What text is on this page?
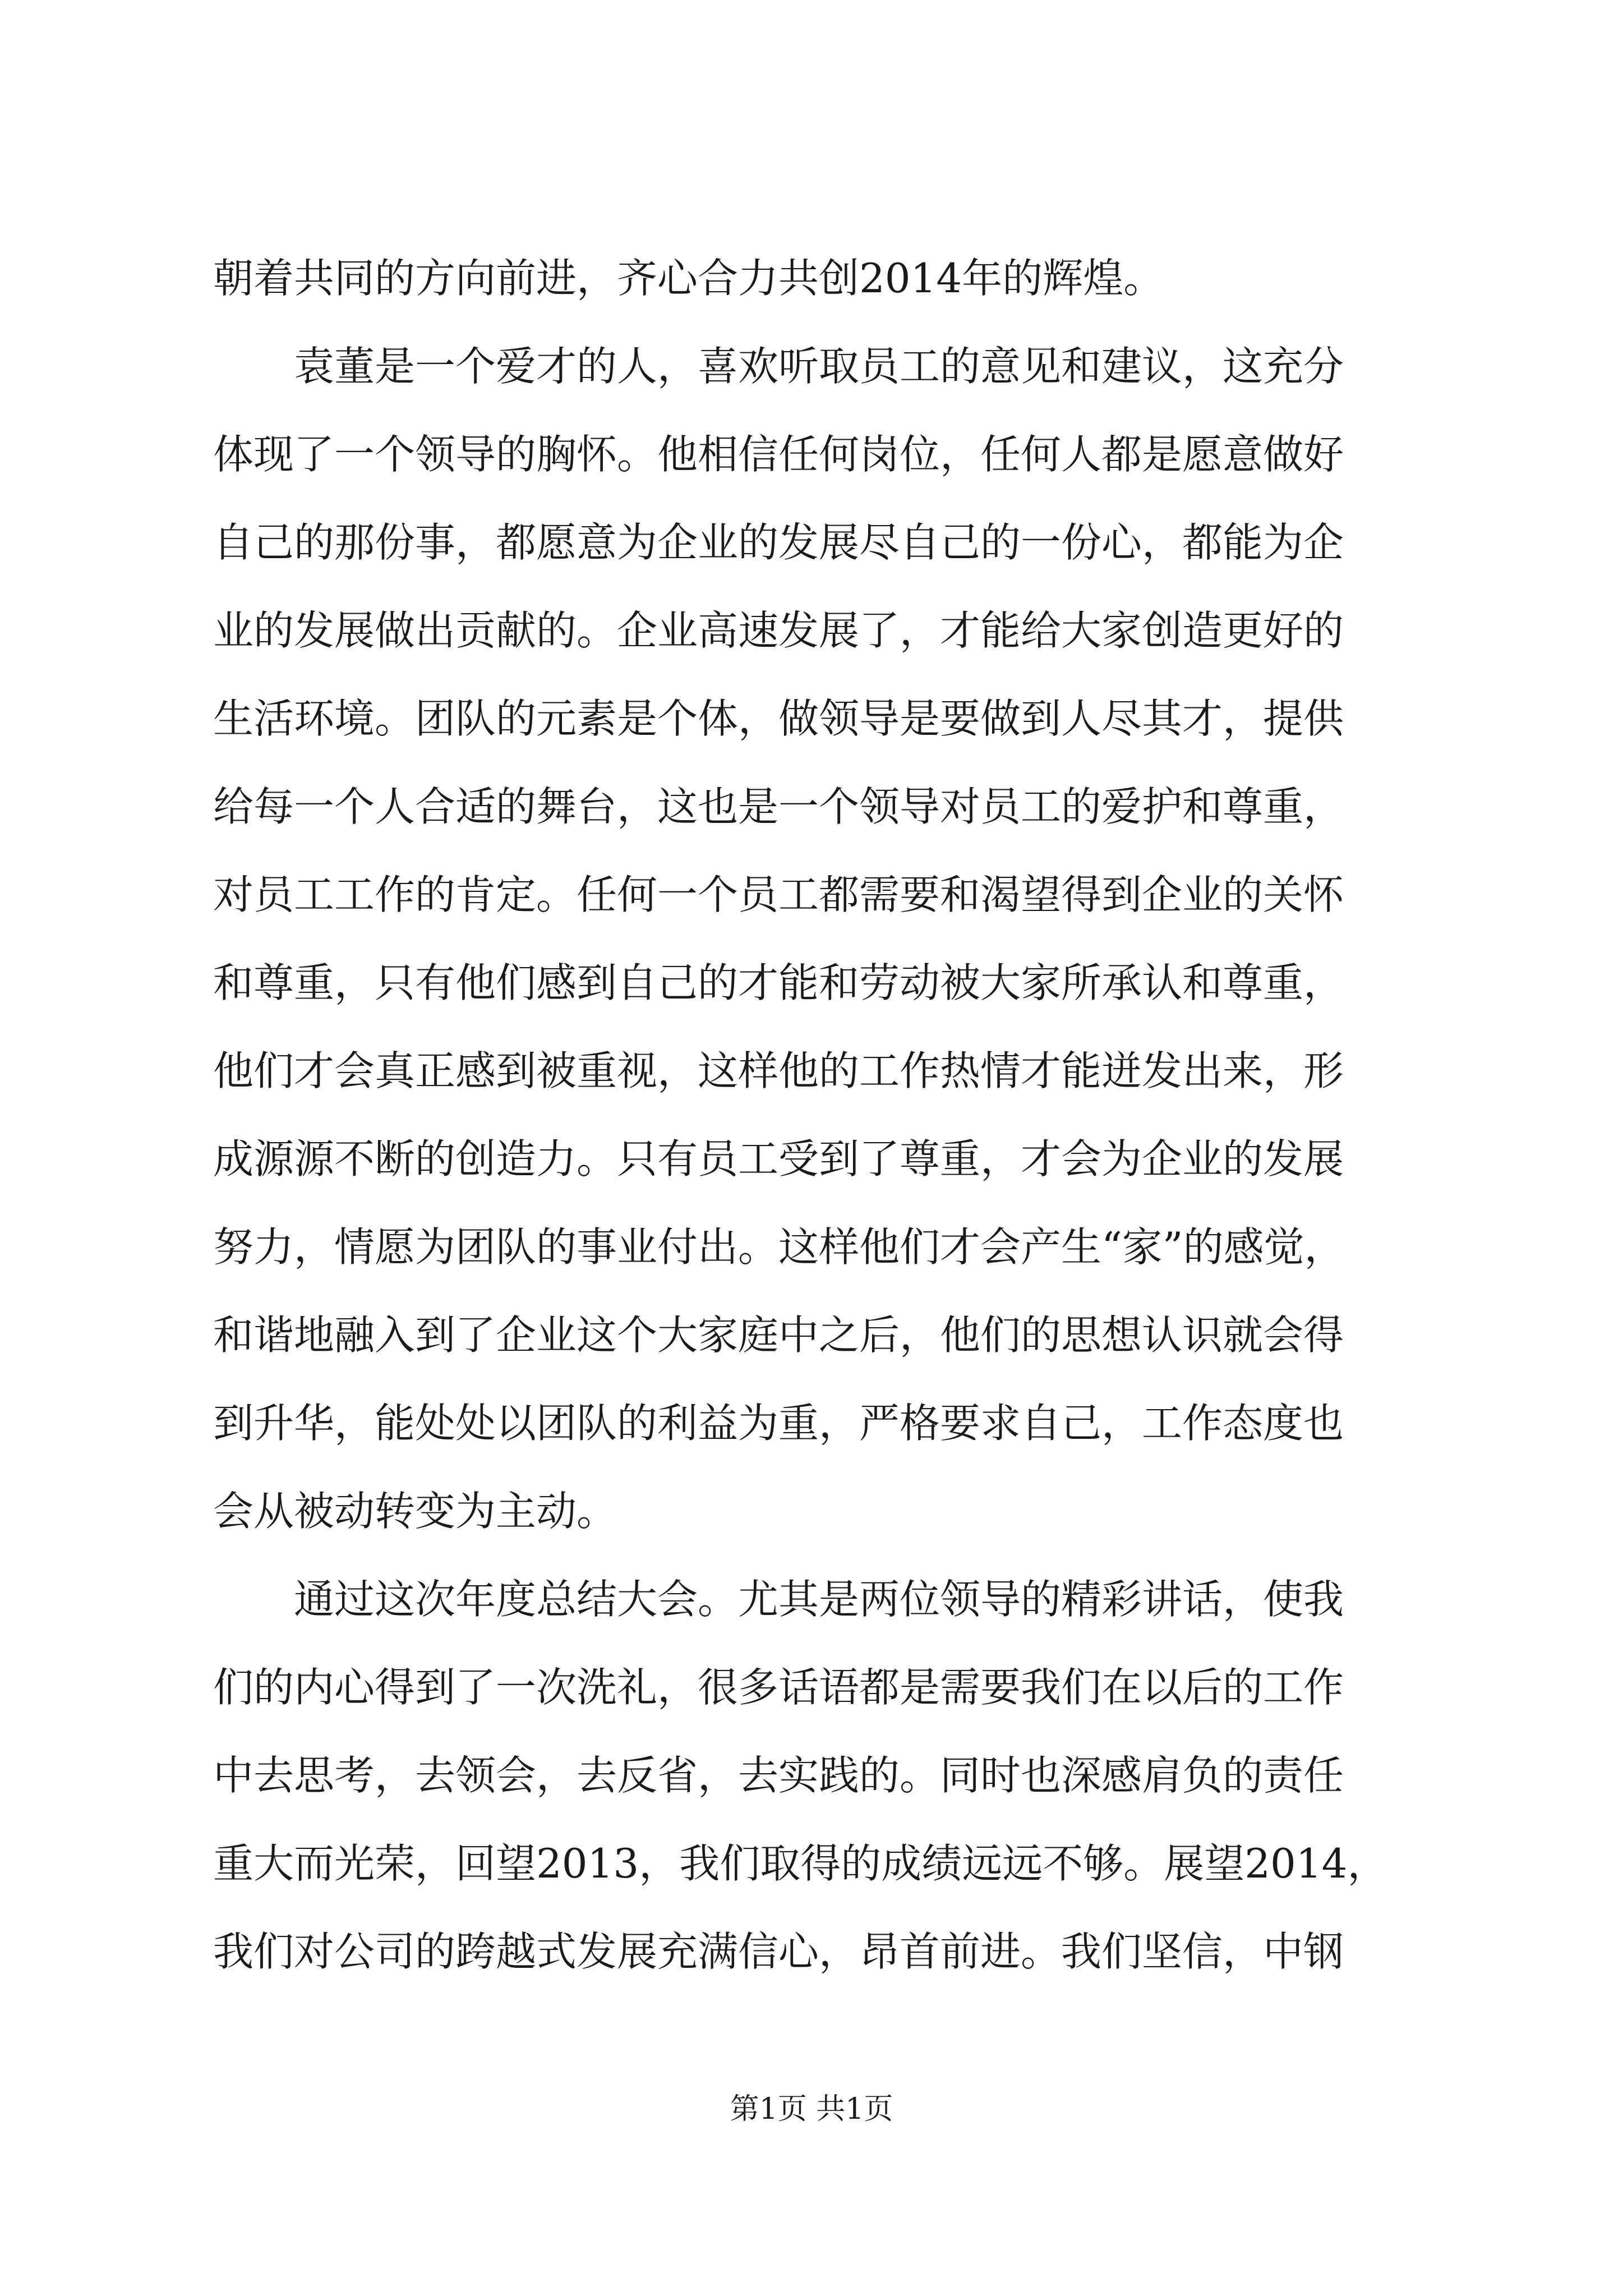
朝着共同的方向前进，齐心合力共创2014年的辉煌。
袁董是一个爱才的人，喜欢听取员工的意见和建议，这充分
体现了一个领导的胸怀。他相信任何岗位，任何人都是愿意做好
自己的那份事，都愿意为企业的发展尽自己的一份心，都能为企
业的发展做出贡献的。企业高速发展了，才能给大家创造更好的
生活环境。团队的元素是个体，做领导是要做到人尽其才，提供
给每一个人合适的舞台，这也是一个领导对员工的爱护和尊重，
对员工工作的肯定。任何一个员工都需要和渴望得到企业的关怀
和尊重，只有他们感到自己的才能和劳动被大家所承认和尊重，
他们才会真正感到被重视，这样他的工作热情才能迸发出来，形
成源源不断的创造力。只有员工受到了尊重，才会为企业的发展
努力，情愿为团队的事业付出。这样他们才会产生“家”的感觉，
和谐地融入到了企业这个大家庭中之后，他们的思想认识就会得
到升华，能处处以团队的利益为重，严格要求自己，工作态度也
会从被动转变为主动。
通过这次年度总结大会。尤其是两位领导的精彩讲话，使我
们的内心得到了一次洗礼，很多话语都是需要我们在以后的工作
中去思考，去领会，去反省，去实践的。同时也深感肩负的责任
重大而光荣，回望2013，我们取得的成绩远远不够。展望2014，
我们对公司的跨越式发展充满信心，昂首前进。我们坚信，中钢
第1页 共1页
